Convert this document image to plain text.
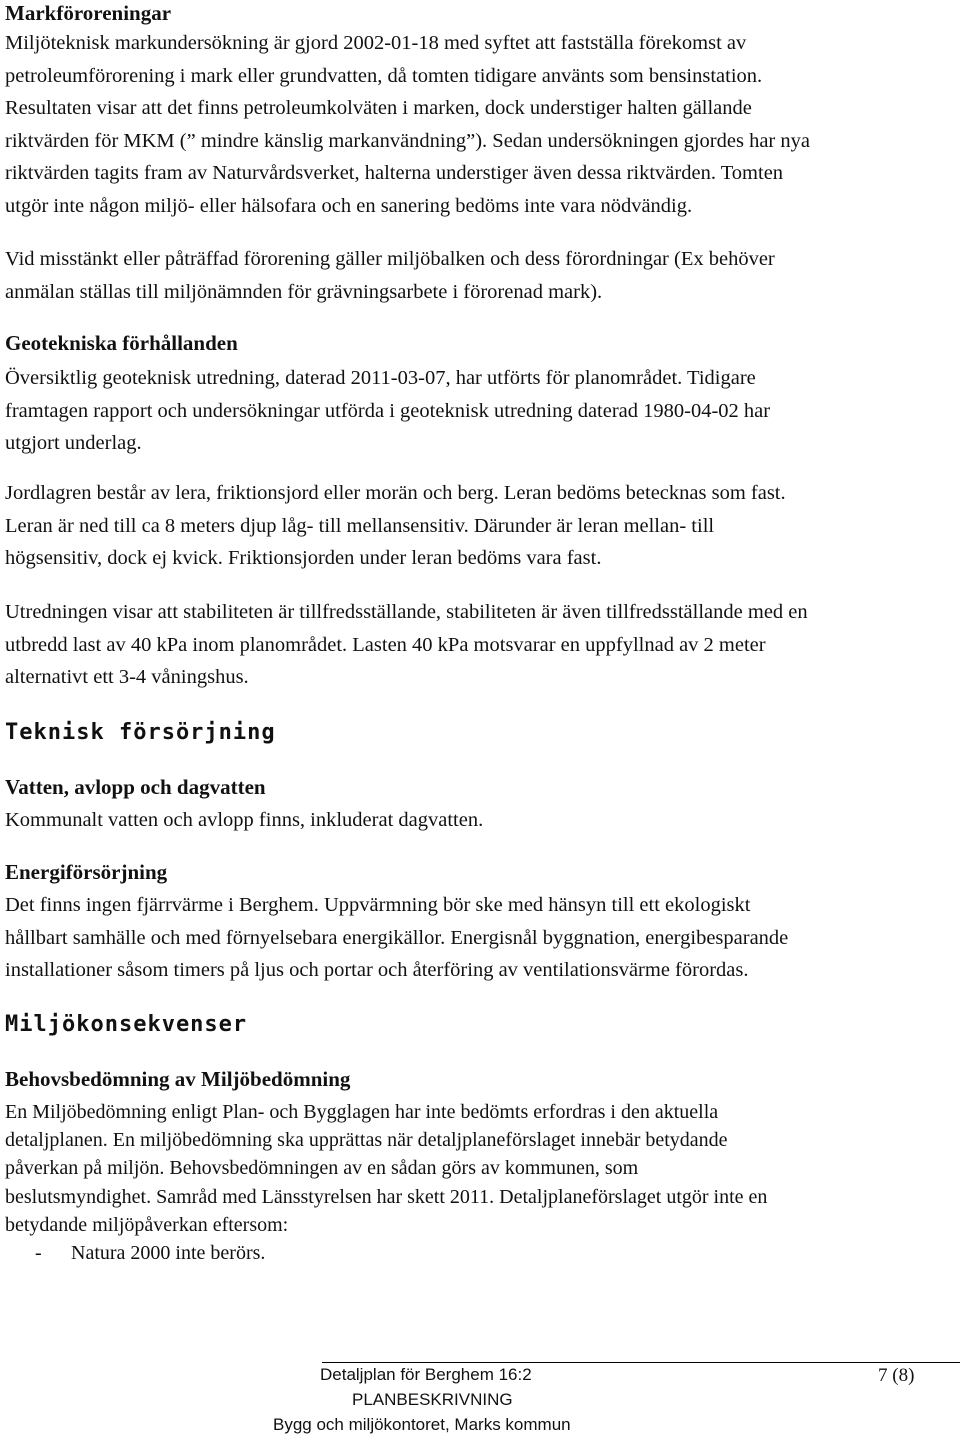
Markföroreningar
Miljöteknisk markundersökning är gjord 2002-01-18 med syftet att fastställa förekomst av
petroleumförorening i mark eller grundvatten, då tomten tidigare använts som bensinstation.
Resultaten visar att det finns petroleumkolväten i marken, dock understiger halten gällande
riktvärden för MKM (” mindre känslig markanvändning”). Sedan undersökningen gjordes har nya
riktvärden tagits fram av Naturvårdsverket, halterna understiger även dessa riktvärden. Tomten
utgör inte någon miljö- eller hälsofara och en sanering bedöms inte vara nödvändig.
Vid misstänkt eller påträffad förorening gäller miljöbalken och dess förordningar (Ex behöver
anmälan ställas till miljönämnden för grävningsarbete i förorenad mark).
Geotekniska förhållanden
Översiktlig geoteknisk utredning, daterad 2011-03-07, har utförts för planområdet. Tidigare
framtagen rapport och undersökningar utförda i geoteknisk utredning daterad 1980-04-02 har
utgjort underlag.
Jordlagren består av lera, friktionsjord eller morän och berg. Leran bedöms betecknas som fast.
Leran är ned till ca 8 meters djup låg- till mellansensitiv. Därunder är leran mellan- till
högsensitiv, dock ej kvick. Friktionsjorden under leran bedöms vara fast.
Utredningen visar att stabiliteten är tillfredsställande, stabiliteten är även tillfredsställande med en
utbredd last av 40 kPa inom planområdet. Lasten 40 kPa motsvarar en uppfyllnad av 2 meter
alternativt ett 3-4 våningshus.
Teknisk försörjning
Vatten, avlopp och dagvatten
Kommunalt vatten och avlopp finns, inkluderat dagvatten.
Energiförsörjning
Det finns ingen fjärrvärme i Berghem. Uppvärmning bör ske med hänsyn till ett ekologiskt
hållbart samhälle och med förnyelsebara energikällor. Energisnål byggnation, energibesparande
installationer såsom timers på ljus och portar och återföring av ventilationsvärme förordas.
Miljökonsekvenser
Behovsbedömning av Miljöbedömning
En Miljöbedömning enligt Plan- och Bygglagen har inte bedömts erfordras i den aktuella
detaljplanen. En miljöbedömning ska upprättas när detaljplaneförslaget innebär betydande
påverkan på miljön. Behovsbedömningen av en sådan görs av kommunen, som
beslutsmyndighet. Samråd med Länsstyrelsen har skett 2011. Detaljplaneförslaget utgör inte en
betydande miljöpåverkan eftersom:
- Natura 2000 inte berörs.
Detaljplan för Berghem 16:2
PLANBESKRIVNING
Bygg och miljökontoret, Marks kommun
7 (8)
